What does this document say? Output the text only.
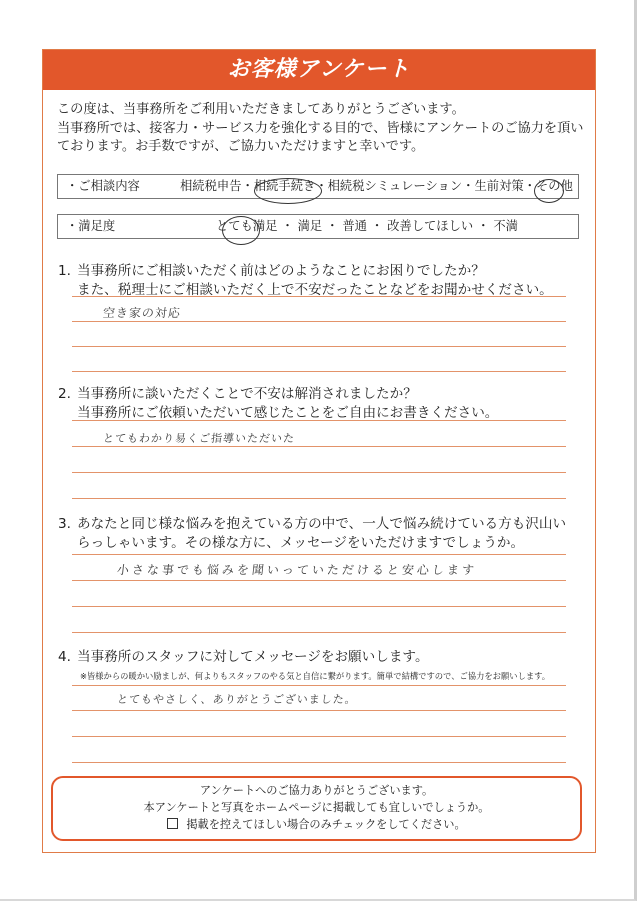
お客様アンケート

この度は、当事務所をご利用いただきましてありがとうございます。

当事務所では、接客力・サービス力を強化する目的で、皆様にアンケートのご協力を頂い

ております。お手数ですが、ご協力いただけますと幸いです。

・ご相談内容	相続税申告・
相続手続き・相続税シミュレーション・生前対策・
その他
・満足度	とても満足 ・ 満足 ・ 普通 ・ 改善してほしい ・ 不満
1. 当事務所にご相談いただく前はどのようなことにお困りでしたか？
また、税理士にご相談いただく上で不安だったことなどをお聞かせください。
空き家の対応
2. 当事務所に談いただくことで不安は解消されましたか？
当事務所にご依頼いただいて感じたことをご自由にお書きください。
とてもわかり易くご指導いただいた
3. あなたと同じ様な悩みを抱えている方の中で、一人で悩み続けている方も沢山い
らっしゃいます。その様な方に、メッセージをいただけますでしょうか。
小さな事でも悩みを聞いっていただけると安心します
4. 当事務所のスタッフに対してメッセージをお願いします。
※皆様からの暖かい励ましが、何よりもスタッフのやる気と自信に繋がります。簡単で結構ですので、ご協力をお願いします。
とてもやさしく、ありがとうございました。

アンケートへのご協力ありがとうございます。

本アンケートと写真をホームページに掲載しても宜しいでしょうか。

掲載を控えてほしい場合のみチェックをしてください。
